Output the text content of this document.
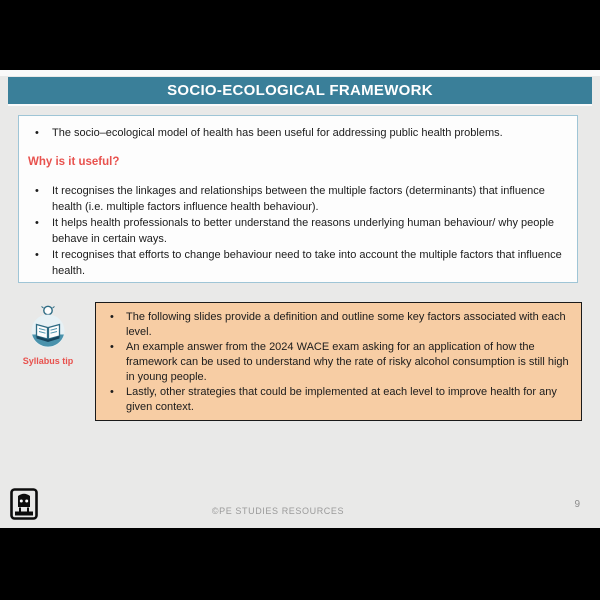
SOCIO-ECOLOGICAL FRAMEWORK
• The socio–ecological model of health has been useful for addressing public health problems.
Why is it useful?
• It recognises the linkages and relationships between the multiple factors (determinants) that influence health (i.e. multiple factors influence health behaviour).
• It helps health professionals to better understand the reasons underlying human behaviour/ why people behave in certain ways.
• It recognises that efforts to change behaviour need to take into account the multiple factors that influence health.
Syllabus tip
• The following slides provide a definition and outline some key factors associated with each level.
• An example answer from the 2024 WACE exam asking for an application of how the framework can be used to understand why the rate of risky alcohol consumption is still high in young people.
• Lastly, other strategies that could be implemented at each level to improve health for any given context.
©PE STUDIES RESOURCES
9
